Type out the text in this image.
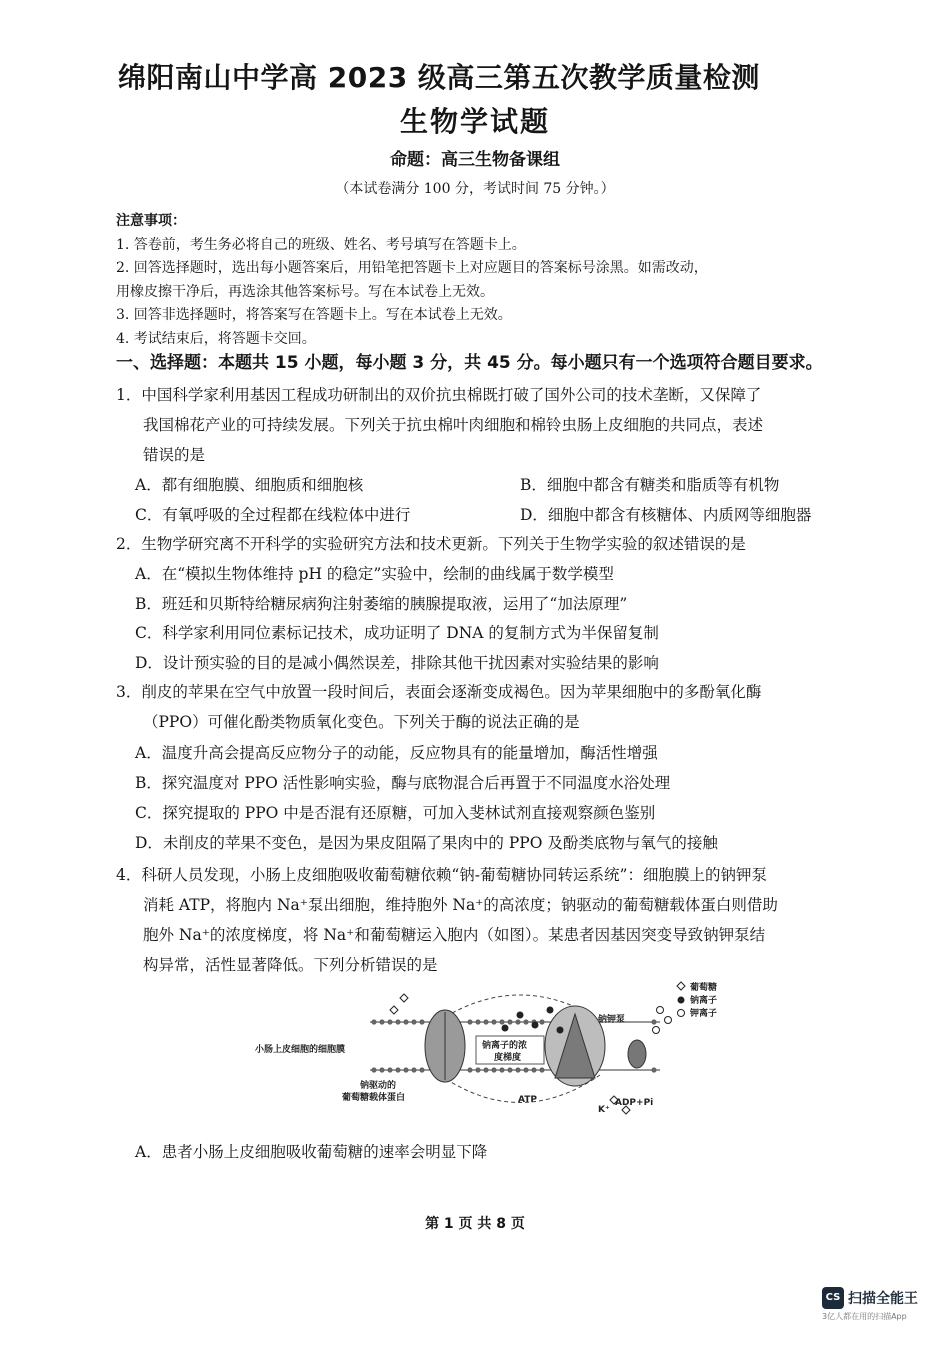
绵阳南山中学高 2023 级高三第五次教学质量检测
生物学试题
命题：高三生物备课组
（本试卷满分 100 分，考试时间 75 分钟。）
注意事项：
1. 答卷前，考生务必将自己的班级、姓名、考号填写在答题卡上。
2. 回答选择题时，选出每小题答案后，用铅笔把答题卡上对应题目的答案标号涂黑。如需改动，
用橡皮擦干净后，再选涂其他答案标号。写在本试卷上无效。
3. 回答非选择题时，将答案写在答题卡上。写在本试卷上无效。
4. 考试结束后，将答题卡交回。
一、选择题：本题共 15 小题，每小题 3 分，共 45 分。每小题只有一个选项符合题目要求。
1．中国科学家利用基因工程成功研制出的双价抗虫棉既打破了国外公司的技术垄断，又保障了
我国棉花产业的可持续发展。下列关于抗虫棉叶肉细胞和棉铃虫肠上皮细胞的共同点，表述
错误的是
A．都有细胞膜、细胞质和细胞核	B．细胞中都含有糖类和脂质等有机物
C．有氧呼吸的全过程都在线粒体中进行	D．细胞中都含有核糖体、内质网等细胞器
2．生物学研究离不开科学的实验研究方法和技术更新。下列关于生物学实验的叙述错误的是
A．在“模拟生物体维持 pH 的稳定”实验中，绘制的曲线属于数学模型
B．班廷和贝斯特给糖尿病狗注射萎缩的胰腺提取液，运用了“加法原理”
C．科学家利用同位素标记技术，成功证明了 DNA 的复制方式为半保留复制
D．设计预实验的目的是减小偶然误差，排除其他干扰因素对实验结果的影响
3．削皮的苹果在空气中放置一段时间后，表面会逐渐变成褐色。因为苹果细胞中的多酚氧化酶
（PPO）可催化酚类物质氧化变色。下列关于酶的说法正确的是
A．温度升高会提高反应物分子的动能，反应物具有的能量增加，酶活性增强
B．探究温度对 PPO 活性影响实验，酶与底物混合后再置于不同温度水浴处理
C．探究提取的 PPO 中是否混有还原糖，可加入斐林试剂直接观察颜色鉴别
D．未削皮的苹果不变色，是因为果皮阻隔了果肉中的 PPO 及酚类底物与氧气的接触
4．科研人员发现，小肠上皮细胞吸收葡萄糖依赖“钠-葡萄糖协同转运系统”：细胞膜上的钠钾泵
消耗 ATP，将胞内 Na⁺泵出细胞，维持胞外 Na⁺的高浓度；钠驱动的葡萄糖载体蛋白则借助
胞外 Na⁺的浓度梯度，将 Na⁺和葡萄糖运入胞内（如图）。某患者因基因突变导致钠钾泵结
构异常，活性显著降低。下列分析错误的是
葡萄糖
钠离子
钾离子
小肠上皮细胞的细胞膜
钠驱动的
葡萄糖载体蛋白
钠离子的浓
度梯度
钠钾泵
ATP	ADP+Pi
K⁺
A．患者小肠上皮细胞吸收葡萄糖的速率会明显下降
第 1 页 共 8 页
CS 扫描全能王
3亿人都在用的扫描App
